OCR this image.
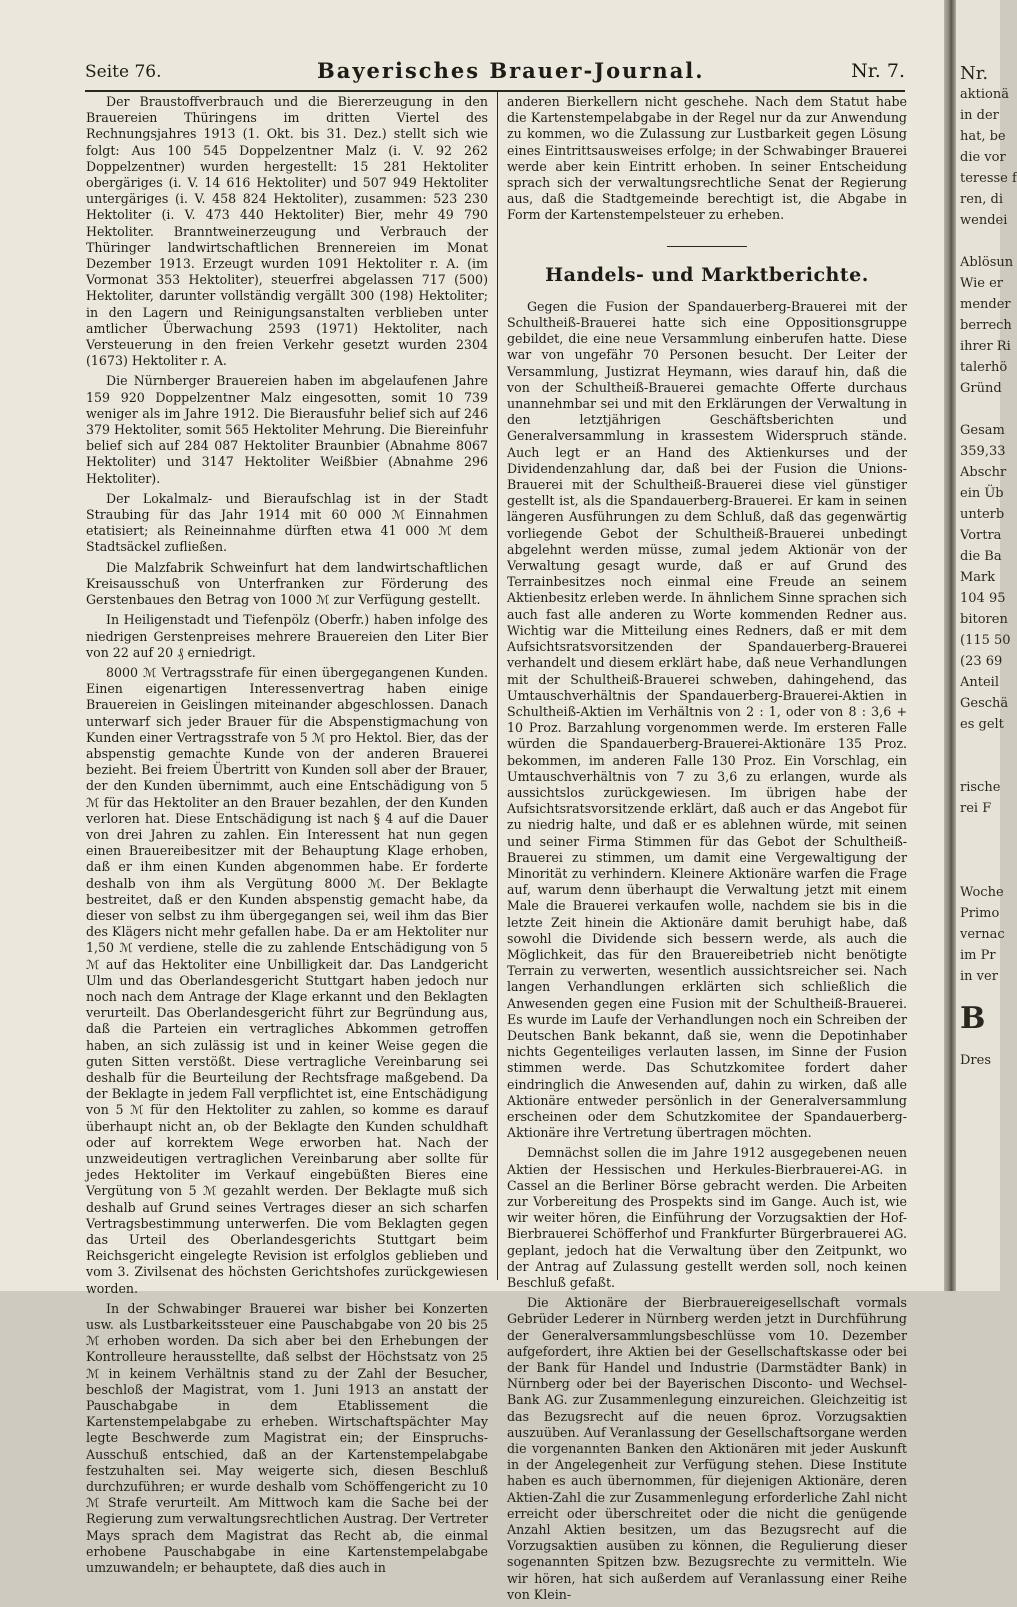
Seite 76.	Bayerisches Brauer-Journal.	Nr. 7.

Der Braustoffverbrauch und die Biererzeugung in den Brauereien Thüringens im dritten Viertel des Rechnungsjahres 1913 (1. Okt. bis 31. Dez.) stellt sich wie folgt: Aus 100 545 Doppelzentner Malz (i. V. 92 262 Doppelzentner) wurden hergestellt: 15 281 Hektoliter obergäriges (i. V. 14 616 Hektoliter) und 507 949 Hektoliter untergäriges (i. V. 458 824 Hektoliter), zusammen: 523 230 Hektoliter (i. V. 473 440 Hektoliter) Bier, mehr 49 790 Hektoliter. Branntweinerzeugung und Verbrauch der Thüringer landwirtschaftlichen Brennereien im Monat Dezember 1913. Erzeugt wurden 1091 Hektoliter r. A. (im Vormonat 353 Hektoliter), steuerfrei abgelassen 717 (500) Hektoliter, darunter vollständig vergällt 300 (198) Hektoliter; in den Lagern und Reinigungsanstalten verblieben unter amtlicher Überwachung 2593 (1971) Hektoliter, nach Versteuerung in den freien Verkehr gesetzt wurden 2304 (1673) Hektoliter r. A.

Die Nürnberger Brauereien haben im abgelaufenen Jahre 159 920 Doppelzentner Malz eingesotten, somit 10 739 weniger als im Jahre 1912. Die Bierausfuhr belief sich auf 246 379 Hektoliter, somit 565 Hektoliter Mehrung. Die Biereinfuhr belief sich auf 284 087 Hektoliter Braunbier (Abnahme 8067 Hektoliter) und 3147 Hektoliter Weißbier (Abnahme 296 Hektoliter).

Der Lokalmalz- und Bieraufschlag ist in der Stadt Straubing für das Jahr 1914 mit 60 000 ℳ Einnahmen etatisiert; als Reineinnahme dürften etwa 41 000 ℳ dem Stadtsäckel zufließen.

Die Malzfabrik Schweinfurt hat dem landwirtschaftlichen Kreisausschuß von Unterfranken zur Förderung des Gerstenbaues den Betrag von 1000 ℳ zur Verfügung gestellt.

In Heiligenstadt und Tiefenpölz (Oberfr.) haben infolge des niedrigen Gerstenpreises mehrere Brauereien den Liter Bier von 22 auf 20 ₰ erniedrigt.

8000 ℳ Vertragsstrafe für einen übergegangenen Kunden. Einen eigenartigen Interessenvertrag haben einige Brauereien in Geislingen miteinander abgeschlossen. Danach unterwarf sich jeder Brauer für die Abspenstigmachung von Kunden einer Vertragsstrafe von 5 ℳ pro Hektol. Bier, das der abspenstig gemachte Kunde von der anderen Brauerei bezieht. Bei freiem Übertritt von Kunden soll aber der Brauer, der den Kunden übernimmt, auch eine Entschädigung von 5 ℳ für das Hektoliter an den Brauer bezahlen, der den Kunden verloren hat. Diese Entschädigung ist nach § 4 auf die Dauer von drei Jahren zu zahlen. Ein Interessent hat nun gegen einen Brauereibesitzer mit der Behauptung Klage erhoben, daß er ihm einen Kunden abgenommen habe. Er forderte deshalb von ihm als Vergütung 8000 ℳ. Der Beklagte bestreitet, daß er den Kunden abspenstig gemacht habe, da dieser von selbst zu ihm übergegangen sei, weil ihm das Bier des Klägers nicht mehr gefallen habe. Da er am Hektoliter nur 1,50 ℳ verdiene, stelle die zu zahlende Entschädigung von 5 ℳ auf das Hektoliter eine Unbilligkeit dar. Das Landgericht Ulm und das Oberlandesgericht Stuttgart haben jedoch nur noch nach dem Antrage der Klage erkannt und den Beklagten verurteilt. Das Oberlandesgericht führt zur Begründung aus, daß die Parteien ein vertragliches Abkommen getroffen haben, an sich zulässig ist und in keiner Weise gegen die guten Sitten verstößt. Diese vertragliche Vereinbarung sei deshalb für die Beurteilung der Rechtsfrage maßgebend. Da der Beklagte in jedem Fall verpflichtet ist, eine Entschädigung von 5 ℳ für den Hektoliter zu zahlen, so komme es darauf überhaupt nicht an, ob der Beklagte den Kunden schuldhaft oder auf korrektem Wege erworben hat. Nach der unzweideutigen vertraglichen Vereinbarung aber sollte für jedes Hektoliter im Verkauf eingebüßten Bieres eine Vergütung von 5 ℳ gezahlt werden. Der Beklagte muß sich deshalb auf Grund seines Vertrages dieser an sich scharfen Vertragsbestimmung unterwerfen. Die vom Beklagten gegen das Urteil des Oberlandesgerichts Stuttgart beim Reichsgericht eingelegte Revision ist erfolglos geblieben und vom 3. Zivilsenat des höchsten Gerichtshofes zurückgewiesen worden.

In der Schwabinger Brauerei war bisher bei Konzerten usw. als Lustbarkeitssteuer eine Pauschabgabe von 20 bis 25 ℳ erhoben worden. Da sich aber bei den Erhebungen der Kontrolleure herausstellte, daß selbst der Höchstsatz von 25 ℳ in keinem Verhältnis stand zu der Zahl der Besucher, beschloß der Magistrat, vom 1. Juni 1913 an anstatt der Pauschabgabe in dem Etablissement die Kartenstempelabgabe zu erheben. Wirtschaftspächter May legte Beschwerde zum Magistrat ein; der Einspruchs-Ausschuß entschied, daß an der Kartenstempelabgabe festzuhalten sei. May weigerte sich, diesen Beschluß durchzuführen; er wurde deshalb vom Schöffengericht zu 10 ℳ Strafe verurteilt. Am Mittwoch kam die Sache bei der Regierung zum verwaltungsrechtlichen Austrag. Der Vertreter Mays sprach dem Magistrat das Recht ab, die einmal erhobene Pauschabgabe in eine Kartenstempelabgabe umzuwandeln; er behauptete, daß dies auch in

anderen Bierkellern nicht geschehe. Nach dem Statut habe die Kartenstempelabgabe in der Regel nur da zur Anwendung zu kommen, wo die Zulassung zur Lustbarkeit gegen Lösung eines Eintrittsausweises erfolge; in der Schwabinger Brauerei werde aber kein Eintritt erhoben. In seiner Entscheidung sprach sich der verwaltungsrechtliche Senat der Regierung aus, daß die Stadtgemeinde berechtigt ist, die Abgabe in Form der Kartenstempelsteuer zu erheben.

Handels- und Marktberichte.

Gegen die Fusion der Spandauerberg-Brauerei mit der Schultheiß-Brauerei hatte sich eine Oppositionsgruppe gebildet, die eine neue Versammlung einberufen hatte. Diese war von ungefähr 70 Personen besucht. Der Leiter der Versammlung, Justizrat Heymann, wies darauf hin, daß die von der Schultheiß-Brauerei gemachte Offerte durchaus unannehmbar sei und mit den Erklärungen der Verwaltung in den letztjährigen Geschäftsberichten und Generalversammlung in krassestem Widerspruch stände. Auch legt er an Hand des Aktienkurses und der Dividendenzahlung dar, daß bei der Fusion die Unions-Brauerei mit der Schultheiß-Brauerei diese viel günstiger gestellt ist, als die Spandauerberg-Brauerei. Er kam in seinen längeren Ausführungen zu dem Schluß, daß das gegenwärtig vorliegende Gebot der Schultheiß-Brauerei unbedingt abgelehnt werden müsse, zumal jedem Aktionär von der Verwaltung gesagt wurde, daß er auf Grund des Terrainbesitzes noch einmal eine Freude an seinem Aktienbesitz erleben werde. In ähnlichem Sinne sprachen sich auch fast alle anderen zu Worte kommenden Redner aus. Wichtig war die Mitteilung eines Redners, daß er mit dem Aufsichtsratsvorsitzenden der Spandauerberg-Brauerei verhandelt und diesem erklärt habe, daß neue Verhandlungen mit der Schultheiß-Brauerei schweben, dahingehend, das Umtauschverhältnis der Spandauerberg-Brauerei-Aktien in Schultheiß-Aktien im Verhältnis von 2 : 1, oder von 8 : 3,6 + 10 Proz. Barzahlung vorgenommen werde. Im ersteren Falle würden die Spandauerberg-Brauerei-Aktionäre 135 Proz. bekommen, im anderen Falle 130 Proz. Ein Vorschlag, ein Umtauschverhältnis von 7 zu 3,6 zu erlangen, wurde als aussichtslos zurückgewiesen. Im übrigen habe der Aufsichtsratsvorsitzende erklärt, daß auch er das Angebot für zu niedrig halte, und daß er es ablehnen würde, mit seinen und seiner Firma Stimmen für das Gebot der Schultheiß-Brauerei zu stimmen, um damit eine Vergewaltigung der Minorität zu verhindern. Kleinere Aktionäre warfen die Frage auf, warum denn überhaupt die Verwaltung jetzt mit einem Male die Brauerei verkaufen wolle, nachdem sie bis in die letzte Zeit hinein die Aktionäre damit beruhigt habe, daß sowohl die Dividende sich bessern werde, als auch die Möglichkeit, das für den Brauereibetrieb nicht benötigte Terrain zu verwerten, wesentlich aussichtsreicher sei. Nach langen Verhandlungen erklärten sich schließlich die Anwesenden gegen eine Fusion mit der Schultheiß-Brauerei. Es wurde im Laufe der Verhandlungen noch ein Schreiben der Deutschen Bank bekannt, daß sie, wenn die Depotinhaber nichts Gegenteiliges verlauten lassen, im Sinne der Fusion stimmen werde. Das Schutzkomitee fordert daher eindringlich die Anwesenden auf, dahin zu wirken, daß alle Aktionäre entweder persönlich in der Generalversammlung erscheinen oder dem Schutzkomitee der Spandauerberg-Aktionäre ihre Vertretung übertragen möchten.

Demnächst sollen die im Jahre 1912 ausgegebenen neuen Aktien der Hessischen und Herkules-Bierbrauerei-AG. in Cassel an die Berliner Börse gebracht werden. Die Arbeiten zur Vorbereitung des Prospekts sind im Gange. Auch ist, wie wir weiter hören, die Einführung der Vorzugsaktien der Hof-Bierbrauerei Schöfferhof und Frankfurter Bürgerbrauerei AG. geplant, jedoch hat die Verwaltung über den Zeitpunkt, wo der Antrag auf Zulassung gestellt werden soll, noch keinen Beschluß gefaßt.

Die Aktionäre der Bierbrauereigesellschaft vormals Gebrüder Lederer in Nürnberg werden jetzt in Durchführung der Generalversammlungsbeschlüsse vom 10. Dezember aufgefordert, ihre Aktien bei der Gesellschaftskasse oder bei der Bank für Handel und Industrie (Darmstädter Bank) in Nürnberg oder bei der Bayerischen Disconto- und Wechsel-Bank AG. zur Zusammenlegung einzureichen. Gleichzeitig ist das Bezugsrecht auf die neuen 6proz. Vorzugsaktien auszuüben. Auf Veranlassung der Gesellschaftsorgane werden die vorgenannten Banken den Aktionären mit jeder Auskunft in der Angelegenheit zur Verfügung stehen. Diese Institute haben es auch übernommen, für diejenigen Aktionäre, deren Aktien-Zahl die zur Zusammenlegung erforderliche Zahl nicht erreicht oder überschreitet oder die nicht die genügende Anzahl Aktien besitzen, um das Bezugsrecht auf die Vorzugsaktien ausüben zu können, die Regulierung dieser sogenannten Spitzen bzw. Bezugsrechte zu vermitteln. Wie wir hören, hat sich außerdem auf Veranlassung einer Reihe von Klein-

Nr.
aktionä
in der
hat, be
die vor
teresse f
ren, di
wendei
Ablösun
Wie er
mender
berrech
ihrer Ri
talerhö
Gründ
Gesam
359,33
Abschr
ein Üb
unterb
Vortra
die Ba
Mark
104 95
bitoren
(115 50
(23 69
Anteil
Geschä
es gelt
rische
rei F
Woche
Primo
vernac
im Pr
in ver
B
Dres
